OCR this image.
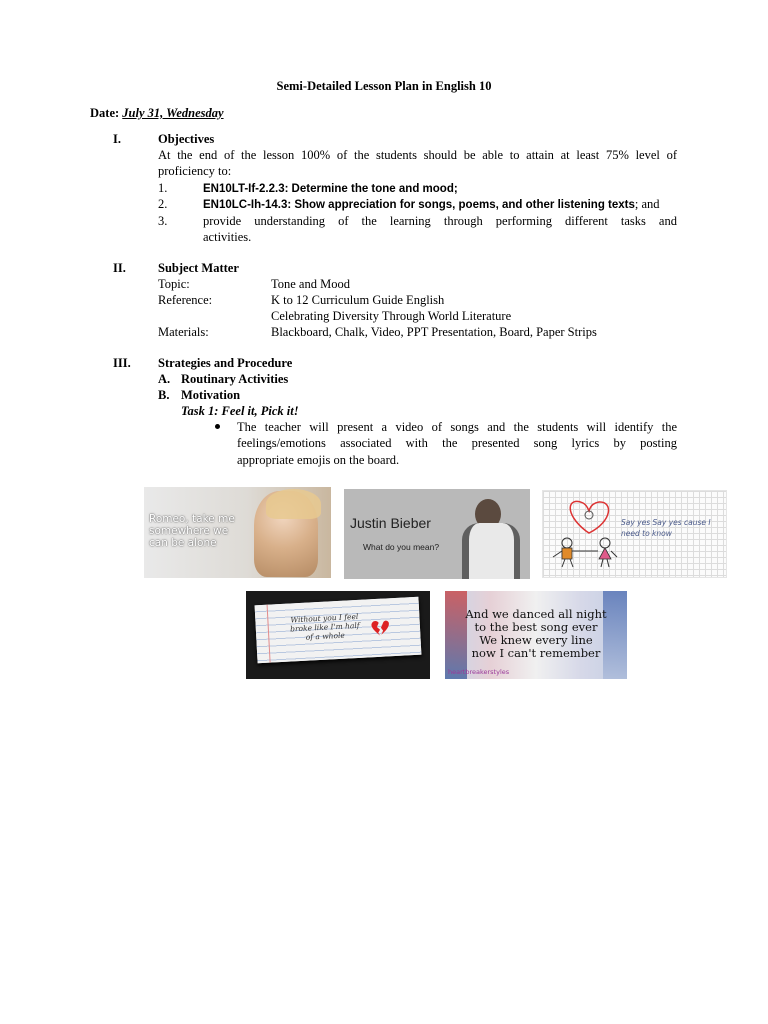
Semi-Detailed Lesson Plan in English 10
Date: July 31, Wednesday
I.	Objectives
At the end of the lesson 100% of the students should be able to attain at least 75% level of
proficiency to:
1.	EN10LT-If-2.2.3: Determine the tone and mood;
2.	EN10LC-Ih-14.3: Show appreciation for songs, poems, and other listening texts; and
3.	provide understanding of the learning through performing different tasks and
activities.
II.	Subject Matter
Topic:	Tone and Mood
Reference:	K to 12 Curriculum Guide English
Celebrating Diversity Through World Literature
Materials:	Blackboard, Chalk, Video, PPT Presentation, Board, Paper Strips
III. Strategies and Procedure
A. Routinary Activities
B. Motivation
Task 1: Feel it, Pick it!
The teacher will present a video of songs and the students will identify the
feelings/emotions associated with the presented song lyrics by posting
appropriate emojis on the board.
Romeo, take me somewhere we can be alone
Justin Bieber
What do you mean?
Say yes Say yes cause I need to know
Without you I feel broke like I'm half of a whole
And we danced all night
to the best song ever
We knew every line
now I can't remember
heartbreakerstyles
